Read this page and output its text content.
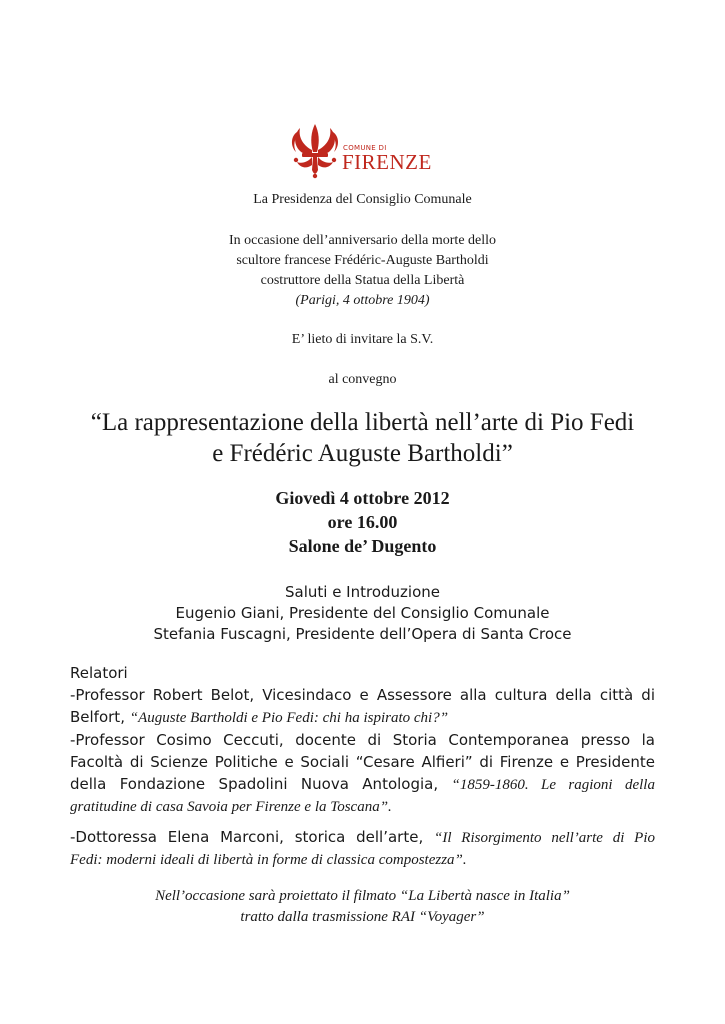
COMUNE DI
FIRENZE

La Presidenza del Consiglio Comunale

In occasione dell’anniversario della morte dello

scultore francese Frédéric-Auguste Bartholdi

costruttore della Statua della Libertà

(Parigi, 4 ottobre 1904)

E’ lieto di invitare la S.V.

al convegno

“La rappresentazione della libertà nell’arte di Pio Fedi

e Frédéric Auguste Bartholdi”

Giovedì 4 ottobre 2012

ore 16.00

Salone de’ Dugento

Saluti e Introduzione

Eugenio Giani, Presidente del Consiglio Comunale

Stefania Fuscagni, Presidente dell’Opera di Santa Croce

Relatori
-Professor Robert Belot, Vicesindaco e Assessore alla cultura della città di
Belfort, “Auguste Bartholdi e Pio Fedi: chi ha ispirato chi?”
-Professor Cosimo Ceccuti, docente di Storia Contemporanea presso la
Facoltà di Scienze Politiche e Sociali “Cesare Alfieri” di Firenze e Presidente
della Fondazione Spadolini Nuova Antologia, “1859-1860. Le ragioni della
gratitudine di casa Savoia per Firenze e la Toscana”.
-Dottoressa Elena Marconi, storica dell’arte, “Il Risorgimento nell’arte di Pio
Fedi: moderni ideali di libertà in forme di classica compostezza”.

Nell’occasione sarà proiettato il filmato “La Libertà nasce in Italia”

tratto dalla trasmissione RAI “Voyager”
